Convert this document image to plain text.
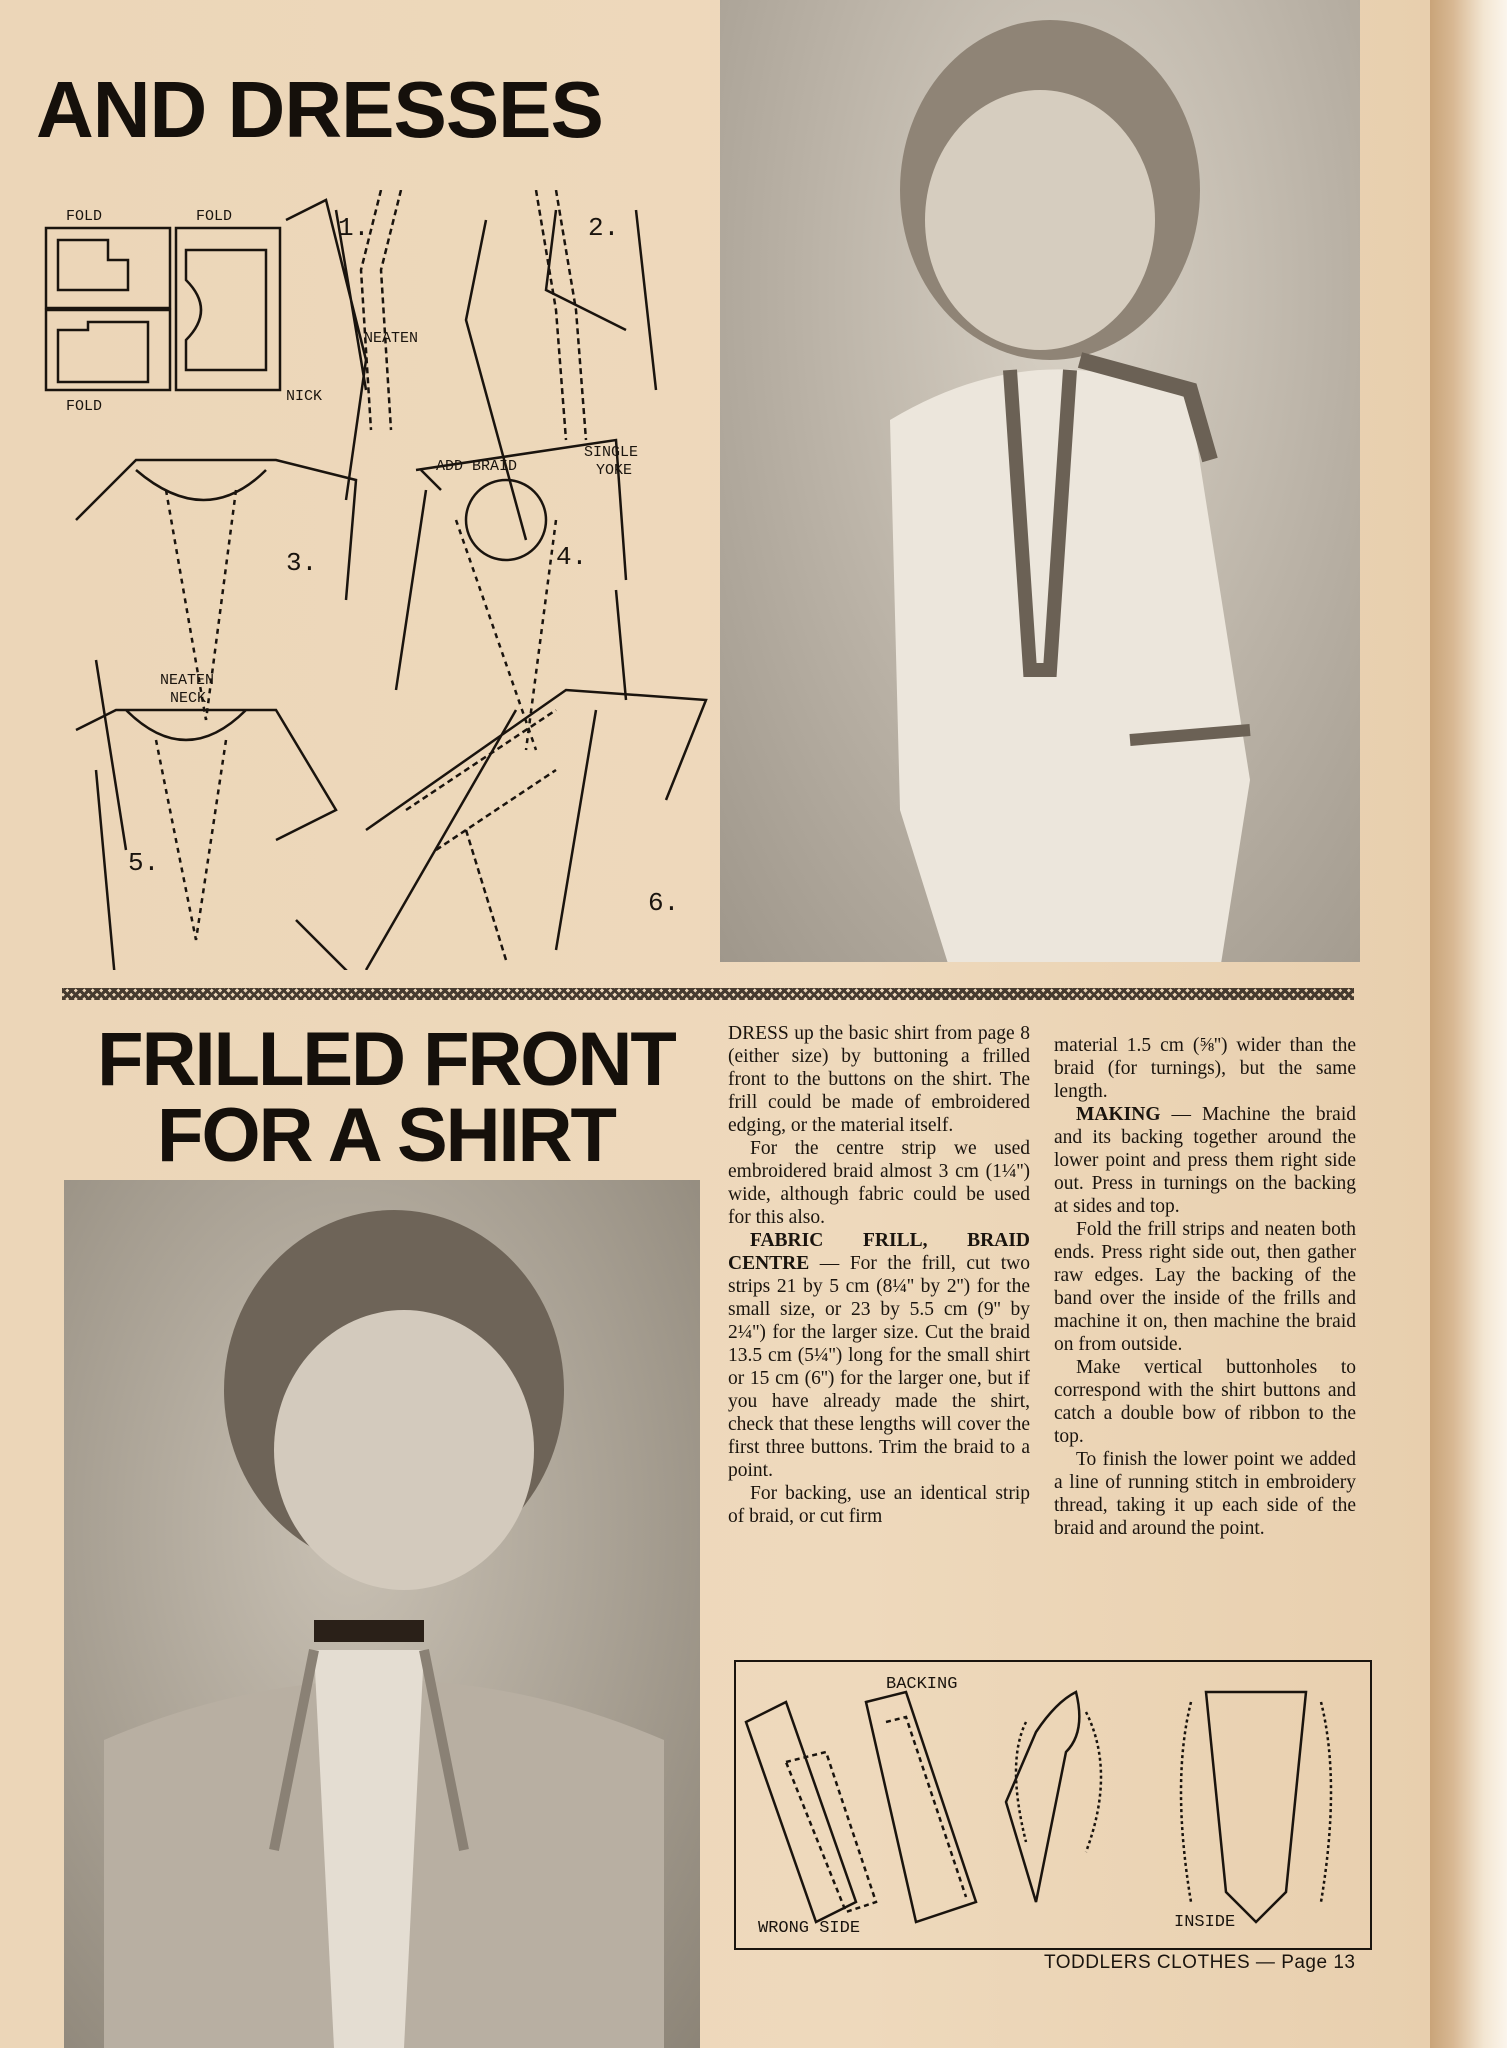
AND DRESSES
FOLD	FOLD
FOLD
1.	2.
NEATEN
NICK
ADD BRAID
SINGLE
YOKE
3.	4.
NEATEN
NECK
5.
6.
FRILLED FRONT
FOR A SHIRT

DRESS up the basic shirt from page 8 (either size) by buttoning a frilled front to the buttons on the shirt. The frill could be made of embroidered edging, or the material itself.

For the centre strip we used embroidered braid almost 3 cm (1¼'') wide, although fabric could be used for this also.

FABRIC FRILL, BRAID CENTRE — For the frill, cut two strips 21 by 5 cm (8¼'' by 2'') for the small size, or 23 by 5.5 cm (9'' by 2¼'') for the larger size. Cut the braid 13.5 cm (5¼'') long for the small shirt or 15 cm (6'') for the larger one, but if you have already made the shirt, check that these lengths will cover the first three buttons. Trim the braid to a point.

For backing, use an identical strip of braid, or cut firm

material 1.5 cm (⅝'') wider than the braid (for turnings), but the same length.

MAKING — Machine the braid and its backing together around the lower point and press them right side out. Press in turnings on the backing at sides and top.

Fold the frill strips and neaten both ends. Press right side out, then gather raw edges. Lay the backing of the band over the inside of the frills and machine it on, then machine the braid on from outside.

Make vertical buttonholes to correspond with the shirt buttons and catch a double bow of ribbon to the top.

To finish the lower point we added a line of running stitch in embroidery thread, taking it up each side of the braid and around the point.

BACKING
WRONG SIDE	INSIDE
TODDLERS CLOTHES — Page 13
